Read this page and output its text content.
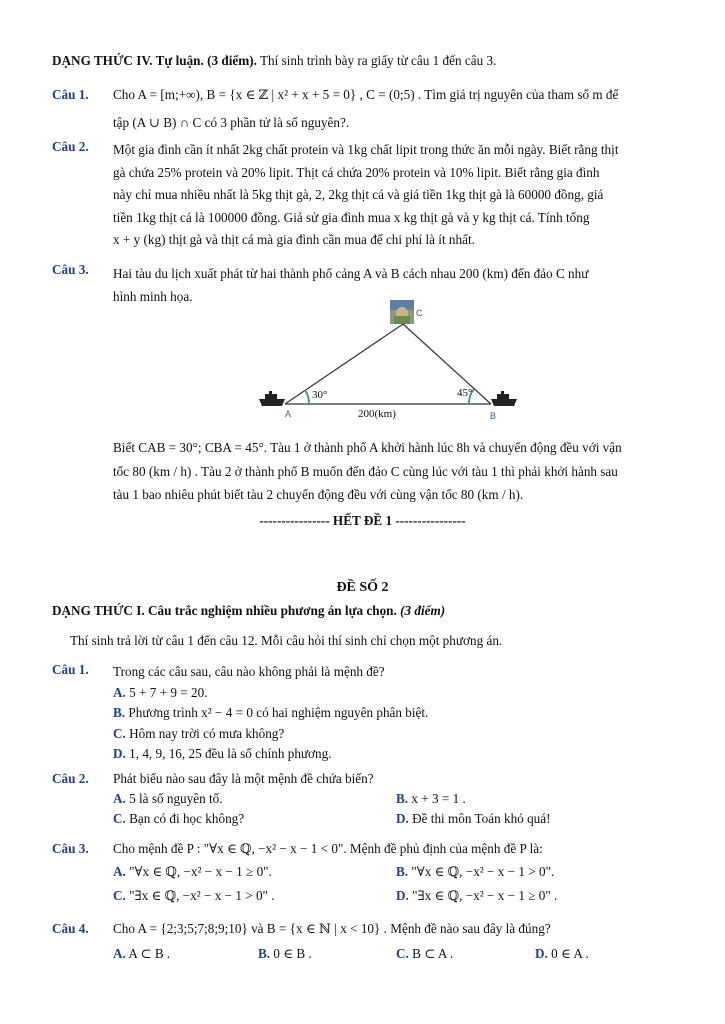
DẠNG THỨC IV. Tự luận. (3 điểm). Thí sinh trình bày ra giấy từ câu 1 đến câu 3.
Câu 1. Cho A = [m;+∞), B = {x ∈ ℤ | x² + x + 5 = 0} , C = (0;5) . Tìm giá trị nguyên của tham số m để
tập (A ∪ B) ∩ C có 3 phần tử là số nguyên?.
Câu 2. Một gia đình cần ít nhất 2kg chất protein và 1kg chất lipit trong thức ăn mỗi ngày. Biết rằng thịt
gà chứa 25% protein và 20% lipit. Thịt cá chứa 20% protein và 10% lipit. Biết rằng gia đình
này chỉ mua nhiều nhất là 5kg thịt gà, 2, 2kg thịt cá và giá tiền 1kg thịt gà là 60000 đồng, giá
tiền 1kg thịt cá là 100000 đồng. Giả sử gia đình mua x kg thịt gà và y kg thịt cá. Tính tổng
x + y (kg) thịt gà và thịt cá mà gia đình cần mua để chi phí là ít nhất.
Câu 3. Hai tàu du lịch xuất phát từ hai thành phố cảng A và B cách nhau 200 (km) đến đảo C như
hình minh họa.
C
A	B
30°	45°
200(km)
Biết CAB = 30°; CBA = 45°. Tàu 1 ở thành phố A khởi hành lúc 8h và chuyển động đều với vận
tốc 80 (km / h) . Tàu 2 ở thành phố B muốn đến đảo C cùng lúc với tàu 1 thì phải khởi hành sau
tàu 1 bao nhiêu phút biết tàu 2 chuyển động đều với cùng vận tốc 80 (km / h).
---------------- HẾT ĐỀ 1 ----------------
ĐỀ SỐ 2
DẠNG THỨC I. Câu trắc nghiệm nhiều phương án lựa chọn. (3 điểm)
Thí sinh trả lời từ câu 1 đến câu 12. Mỗi câu hỏi thí sinh chỉ chọn một phương án.
Câu 1. Trong các câu sau, câu nào không phải là mệnh đề?
A. 5 + 7 + 9 = 20.
B. Phương trình x² − 4 = 0 có hai nghiệm nguyên phân biệt.
C. Hôm nay trời có mưa không?
D. 1, 4, 9, 16, 25 đều là số chính phương.
Câu 2. Phát biểu nào sau đây là một mệnh đề chứa biến?
A. 5 là số nguyên tố.	B. x + 3 = 1 .
C. Bạn có đi học không?	D. Đề thi môn Toán khó quá!
Câu 3. Cho mệnh đề P : "∀x ∈ ℚ, −x² − x − 1 < 0". Mệnh đề phủ định của mệnh đề P là:
A. "∀x ∈ ℚ, −x² − x − 1 ≥ 0".	B. "∀x ∈ ℚ, −x² − x − 1 > 0".
C. "∃x ∈ ℚ, −x² − x − 1 > 0" .	D. "∃x ∈ ℚ, −x² − x − 1 ≥ 0" .
Câu 4. Cho A = {2;3;5;7;8;9;10} và B = {x ∈ ℕ | x < 10} . Mệnh đề nào sau đây là đúng?
A. A ⊂ B .	B. 0 ∈ B .	C. B ⊂ A .	D. 0 ∈ A .
